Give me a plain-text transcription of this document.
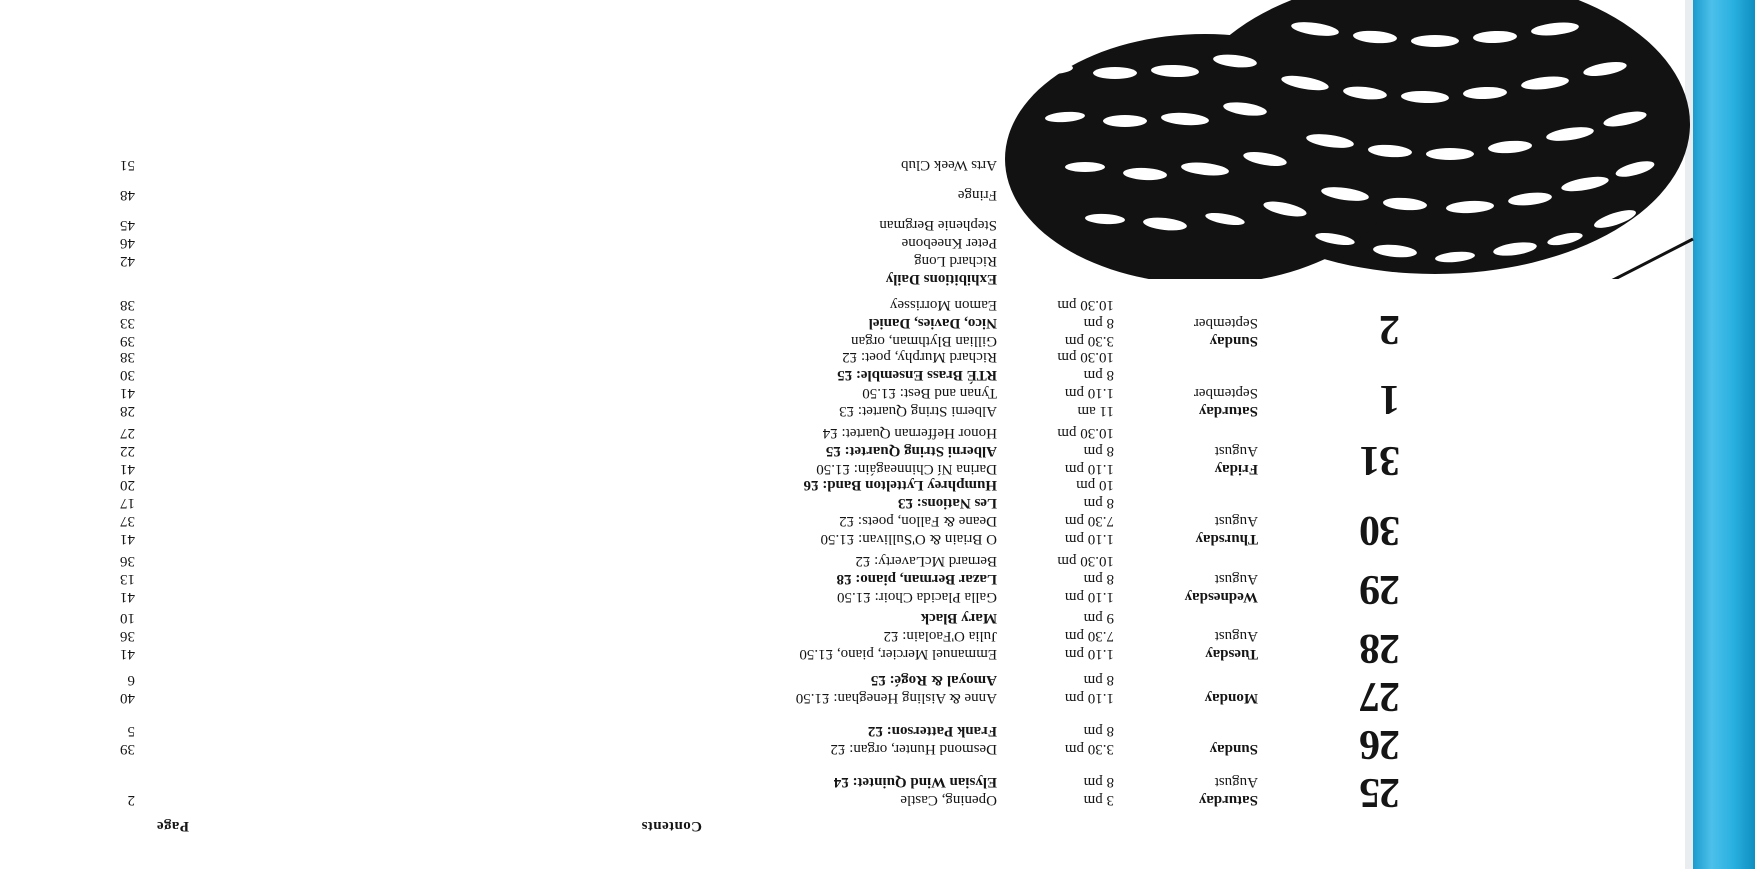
Contents
Page
25
Saturday
August
3 pm
Opening, Castle
2
8 pm
Elysian Wind Quintet: £4
26
Sunday
3.30 pm
Desmond Hunter, organ: £2
39
8 pm
Frank Patterson: £2
5
27
Monday
1.10 pm
Anne & Aisling Heneghan: £1.50
40
8 pm
Amoyal & Rogé: £5
6
28
Tuesday
August
1.10 pm
Emmanuel Mercier, piano, £1.50
41
7.30 pm
Julia O'Faolain: £2
36
9 pm
Mary Black
10
29
Wednesday
August
1.10 pm
Galla Placida Choir: £1.50
41
8 pm
Lazar Berman, piano: £8
13
10.30 pm
Bernard McLaverty: £2
36
30
Thursday
August
1.10 pm
O Briain & O'Sullivan: £1.50
41
7.30 pm
Deane & Fallon, poets: £2
37
8 pm
Les Nations: £3
17
10 pm
Humphrey Lyttelton Band: £6
20
31
Friday
August
1.10 pm
Darina Ní Chinneagáin: £1.50
41
8 pm
Alberni String Quartet: £5
22
10.30 pm
Honor Heffernan Quartet: £4
27
1
Saturday
September
11 am
Alberni String Quartet: £3
28
1.10 pm
Tynan and Best: £1.50
41
8 pm
RTÉ Brass Ensemble: £5
30
10.30 pm
Richard Murphy, poet: £2
38
2
Sunday
September
3.30 pm
Gillian Blythman, organ
39
8 pm
Nico, Davies, Daniel
33
10.30 pm
Eamon Morrissey
38
Exhibitions Daily
Richard Long
42
Peter Kneebone
46
Stephenie Bergman
45
Fringe
48
Arts Week Club
51
